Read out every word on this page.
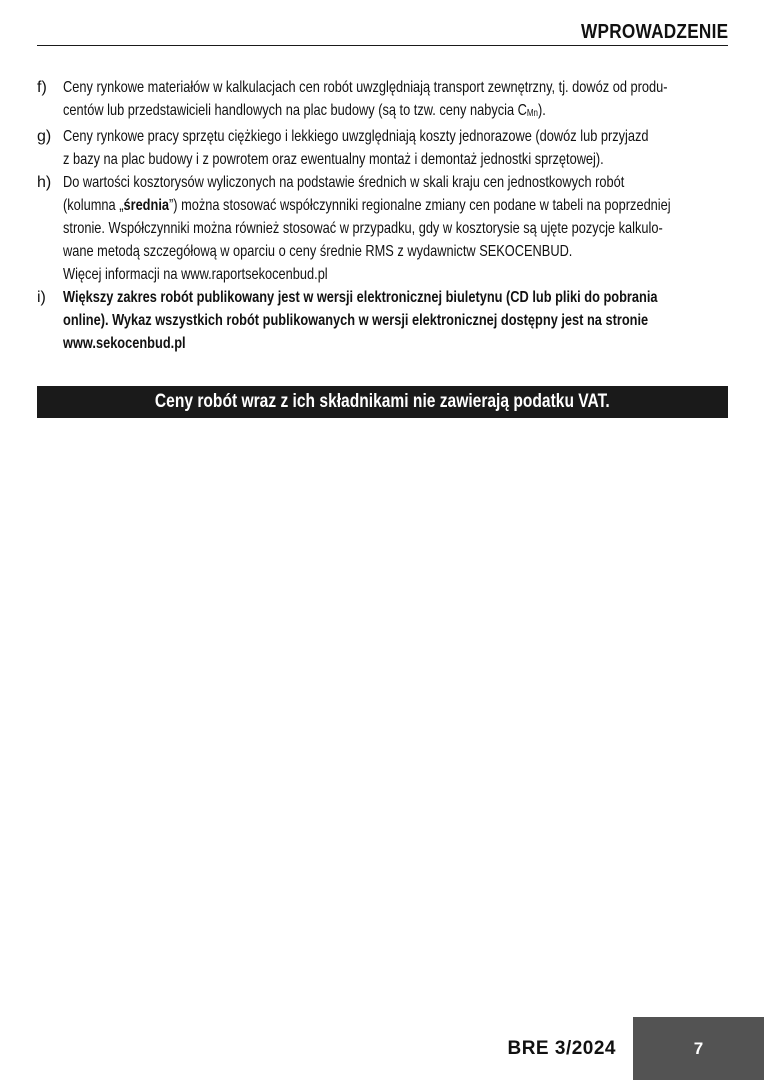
WPROWADZENIE
f) Ceny rynkowe materiałów w kalkulacjach cen robót uwzględniają transport zewnętrzny, tj. dowóz od produ-
centów lub przedstawicieli handlowych na plac budowy (są to tzw. ceny nabycia CMn).
g) Ceny rynkowe pracy sprzętu ciężkiego i lekkiego uwzględniają koszty jednorazowe (dowóz lub przyjazd
z bazy na plac budowy i z powrotem oraz ewentualny montaż i demontaż jednostki sprzętowej).
h) Do wartości kosztorysów wyliczonych na podstawie średnich w skali kraju cen jednostkowych robót
(kolumna „średnia”) można stosować współczynniki regionalne zmiany cen podane w tabeli na poprzedniej
stronie. Współczynniki można również stosować w przypadku, gdy w kosztorysie są ujęte pozycje kalkulo-
wane metodą szczegółową w oparciu o ceny średnie RMS z wydawnictw SEKOCENBUD.
Więcej informacji na www.raportsekocenbud.pl
i) Większy zakres robót publikowany jest w wersji elektronicznej biuletynu (CD lub pliki do pobrania
online). Wykaz wszystkich robót publikowanych w wersji elektronicznej dostępny jest na stronie
www.sekocenbud.pl
Ceny robót wraz z ich składnikami nie zawierają podatku VAT.
BRE 3/2024	7
